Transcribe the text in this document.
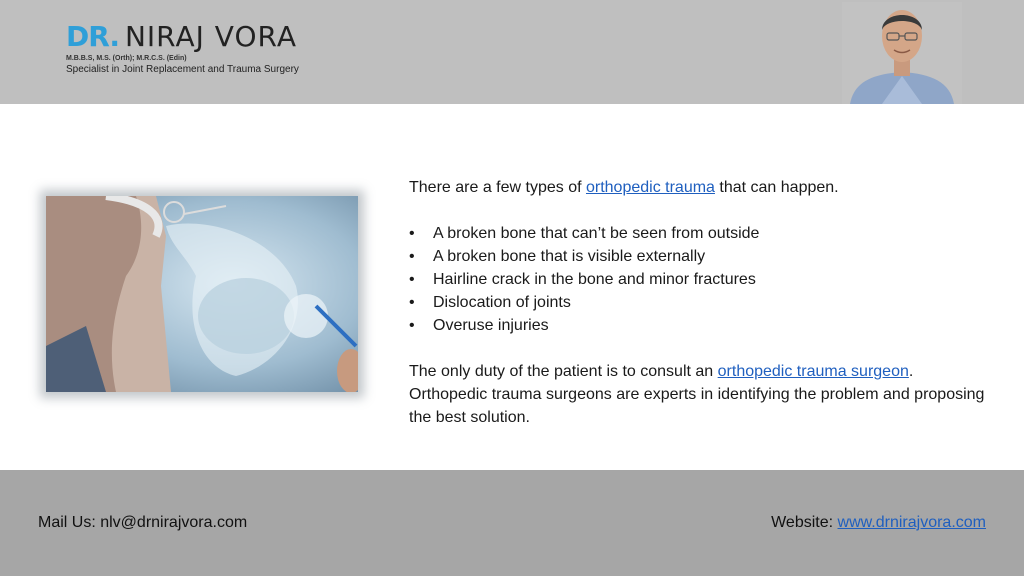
DR. NIRAJ VORA
M.B.B.S, M.S. (Orth); M.R.C.S. (Edin)
Specialist in Joint Replacement and Trauma Surgery

There are a few types of orthopedic trauma that can happen.

• A broken bone that can’t be seen from outside
• A broken bone that is visible externally
• Hairline crack in the bone and minor fractures
• Dislocation of joints
• Overuse injuries

The only duty of the patient is to consult an orthopedic trauma surgeon. Orthopedic trauma surgeons are experts in identifying the problem and proposing the best solution.

Mail Us: nlv@drnirajvora.com	Website: www.drnirajvora.com
